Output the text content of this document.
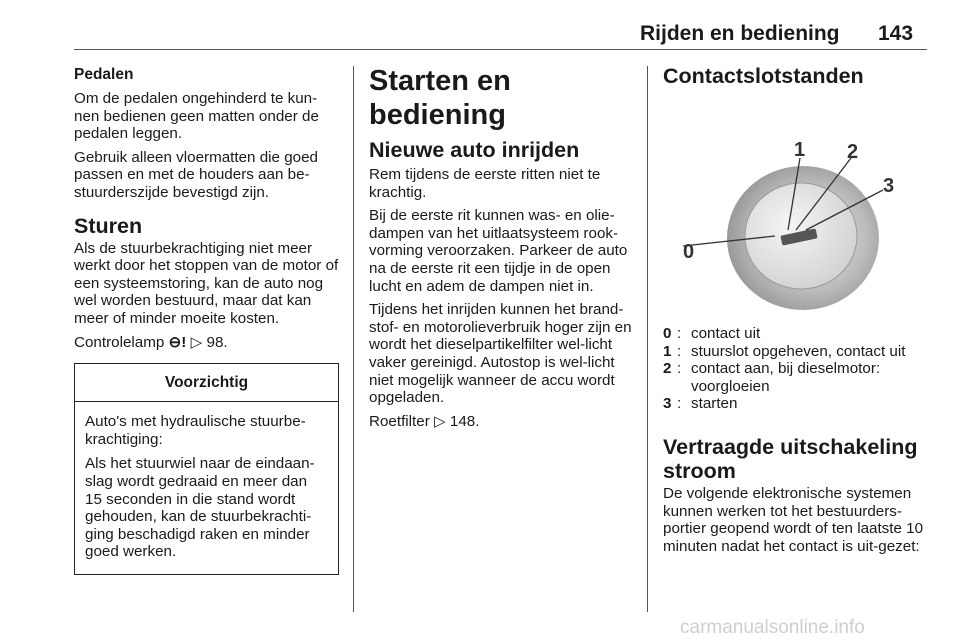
Rijden en bediening 143
Pedalen

Om de pedalen ongehinderd te kun-nen bedienen geen matten onder de pedalen leggen.

Gebruik alleen vloermatten die goed passen en met de houders aan be-stuurderszijde bevestigd zijn.

Sturen

Als de stuurbekrachtiging niet meer werkt door het stoppen van de motor of een systeemstoring, kan de auto nog wel worden bestuurd, maar dat kan meer of minder moeite kosten.

Controlelamp ⊖! ▷ 98.

Voorzichtig

Auto's met hydraulische stuurbe-krachtiging:

Als het stuurwiel naar de eindaan-slag wordt gedraaid en meer dan 15 seconden in die stand wordt gehouden, kan de stuurbekrachti-ging beschadigd raken en minder goed werken.

Starten en bediening
Nieuwe auto inrijden

Rem tijdens de eerste ritten niet te krachtig.

Bij de eerste rit kunnen was- en olie-dampen van het uitlaatsysteem rook-vorming veroorzaken. Parkeer de auto na de eerste rit een tijdje in de open lucht en adem de dampen niet in.

Tijdens het inrijden kunnen het brand-stof- en motorolieverbruik hoger zijn en wordt het dieselpartikelfilter wel-licht vaker gereinigd. Autostop is wel-licht niet mogelijk wanneer de accu wordt opgeladen.

Roetfilter ▷ 148.

Contactslotstanden
0
1 2
3
0 : contact uit
1 : stuurslot opgeheven, contact uit
2 : contact aan, bij dieselmotor: voorgloeien
3 : starten
Vertraagde uitschakeling stroom

De volgende elektronische systemen kunnen werken tot het bestuurders-portier geopend wordt of ten laatste 10 minuten nadat het contact is uit-gezet:

carmanualsonline.info
